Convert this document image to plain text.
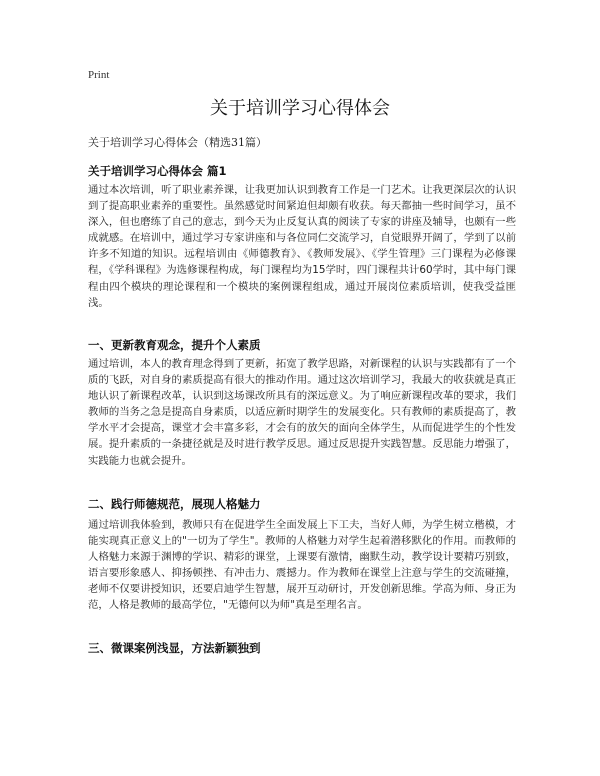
Print
关于培训学习心得体会
关于培训学习心得体会（精选31篇）
关于培训学习心得体会 篇1
通过本次培训，听了职业素养课，让我更加认识到教育工作是一门艺术。让我更深层次的认识到了提高职业素养的重要性。虽然感觉时间紧迫但却颇有收获。每天都抽一些时间学习，虽不深入，但也磨练了自己的意志，到今天为止反复认真的阅读了专家的讲座及辅导，也颇有一些成就感。在培训中，通过学习专家讲座和与各位同仁交流学习，自觉眼界开阔了，学到了以前许多不知道的知识。远程培训由《师德教育》、《教师发展》、《学生管理》三门课程为必修课程，《学科课程》为选修课程构成，每门课程均为15学时，四门课程共计60学时，其中每门课程由四个模块的理论课程和一个模块的案例课程组成，通过开展岗位素质培训，使我受益匪浅。
一、更新教育观念，提升个人素质
通过培训，本人的教育理念得到了更新，拓宽了教学思路，对新课程的认识与实践都有了一个质的飞跃，对自身的素质提高有很大的推动作用。通过这次培训学习，我最大的收获就是真正地认识了新课程改革，认识到这场课改所具有的深远意义。为了响应新课程改革的要求，我们教师的当务之急是提高自身素质，以适应新时期学生的发展变化。只有教师的素质提高了，教学水平才会提高，课堂才会丰富多彩，才会有的放矢的面向全体学生，从而促进学生的个性发展。提升素质的一条捷径就是及时进行教学反思。通过反思提升实践智慧。反思能力增强了，实践能力也就会提升。
二、践行师德规范，展现人格魅力
通过培训我体验到，教师只有在促进学生全面发展上下工夫，当好人师，为学生树立楷模，才能实现真正意义上的"一切为了学生"。教师的人格魅力对学生起着潜移默化的作用。而教师的人格魅力来源于渊博的学识、精彩的课堂，上课要有激情，幽默生动，教学设计要精巧别致，语言要形象感人、抑扬顿挫、有冲击力、震撼力。作为教师在课堂上注意与学生的交流碰撞，老师不仅要讲授知识，还要启迪学生智慧，展开互动研讨，开发创新思维。学高为师、身正为范，人格是教师的最高学位，"无德何以为师"真是至理名言。
三、微课案例浅显，方法新颖独到
